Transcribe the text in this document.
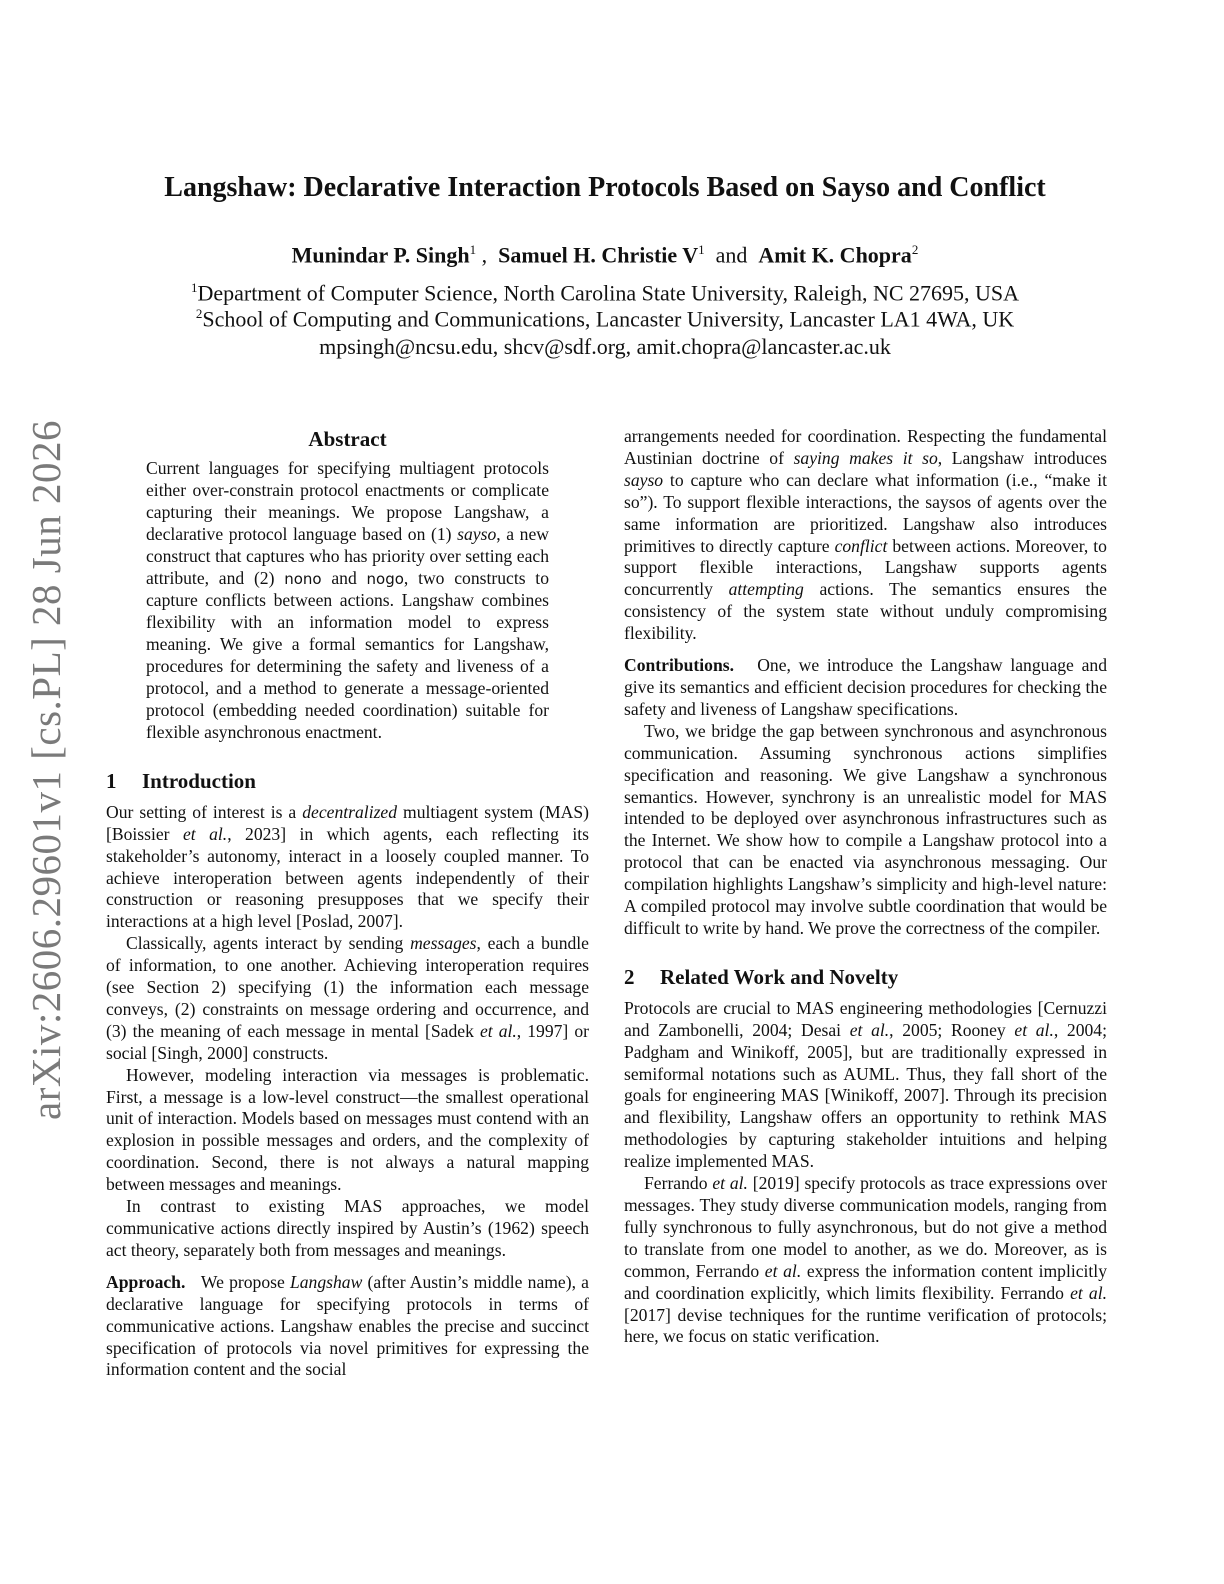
arXiv:2606.29601v1 [cs.PL] 28 Jun 2026
Langshaw: Declarative Interaction Protocols Based on Sayso and Conflict
Munindar P. Singh$^1$ ,  Samuel H. Christie $V^1$ and Amit K. Chopra$^2$
$^1$Department of Computer Science, North Carolina State University, Raleigh, NC 27695, USA
$^2$School of Computing and Communications, Lancaster University, Lancaster LA1 4WA, UK
mpsingh@ncsu.edu, shcv@sdf.org, amit.chopra@lancaster.ac.uk
Abstract

Current languages for specifying multiagent protocols either over-constrain protocol enactments or complicate capturing their meanings. We propose Langshaw, a declarative protocol language based on (1) sayso, a new construct that captures who has priority over setting each attribute, and (2) nono and nogo, two constructs to capture conflicts between actions. Langshaw combines flexibility with an information model to express meaning. We give a formal semantics for Langshaw, procedures for determining the safety and liveness of a protocol, and a method to generate a message-oriented protocol (embedding needed coordination) suitable for flexible asynchronous enactment.

1 Introduction

Our setting of interest is a decentralized multiagent system (MAS) [Boissier et al., 2023] in which agents, each reflecting its stakeholder’s autonomy, interact in a loosely coupled manner. To achieve interoperation between agents independently of their construction or reasoning presupposes that we specify their interactions at a high level [Poslad, 2007].

Classically, agents interact by sending messages, each a bundle of information, to one another. Achieving interoperation requires (see Section 2) specifying (1) the information each message conveys, (2) constraints on message ordering and occurrence, and (3) the meaning of each message in mental [Sadek et al., 1997] or social [Singh, 2000] constructs.

However, modeling interaction via messages is problematic. First, a message is a low-level construct—the smallest operational unit of interaction. Models based on messages must contend with an explosion in possible messages and orders, and the complexity of coordination. Second, there is not always a natural mapping between messages and meanings.

In contrast to existing MAS approaches, we model communicative actions directly inspired by Austin’s (1962) speech act theory, separately both from messages and meanings.

Approach. We propose Langshaw (after Austin’s middle name), a declarative language for specifying protocols in terms of communicative actions. Langshaw enables the precise and succinct specification of protocols via novel primitives for expressing the information content and the social

arrangements needed for coordination. Respecting the fundamental Austinian doctrine of saying makes it so, Langshaw introduces sayso to capture who can declare what information (i.e., “make it so”). To support flexible interactions, the saysos of agents over the same information are prioritized. Langshaw also introduces primitives to directly capture conflict between actions. Moreover, to support flexible interactions, Langshaw supports agents concurrently attempting actions. The semantics ensures the consistency of the system state without unduly compromising flexibility.

Contributions. One, we introduce the Langshaw language and give its semantics and efficient decision procedures for checking the safety and liveness of Langshaw specifications.

Two, we bridge the gap between synchronous and asynchronous communication. Assuming synchronous actions simplifies specification and reasoning. We give Langshaw a synchronous semantics. However, synchrony is an unrealistic model for MAS intended to be deployed over asynchronous infrastructures such as the Internet. We show how to compile a Langshaw protocol into a protocol that can be enacted via asynchronous messaging. Our compilation highlights Langshaw’s simplicity and high-level nature: A compiled protocol may involve subtle coordination that would be difficult to write by hand. We prove the correctness of the compiler.

2 Related Work and Novelty

Protocols are crucial to MAS engineering methodologies [Cernuzzi and Zambonelli, 2004; Desai et al., 2005; Rooney et al., 2004; Padgham and Winikoff, 2005], but are traditionally expressed in semiformal notations such as AUML. Thus, they fall short of the goals for engineering MAS [Winikoff, 2007]. Through its precision and flexibility, Langshaw offers an opportunity to rethink MAS methodologies by capturing stakeholder intuitions and helping realize implemented MAS.

Ferrando et al. [2019] specify protocols as trace expressions over messages. They study diverse communication models, ranging from fully synchronous to fully asynchronous, but do not give a method to translate from one model to another, as we do. Moreover, as is common, Ferrando et al. express the information content implicitly and coordination explicitly, which limits flexibility. Ferrando et al. [2017] devise techniques for the runtime verification of protocols; here, we focus on static verification.
